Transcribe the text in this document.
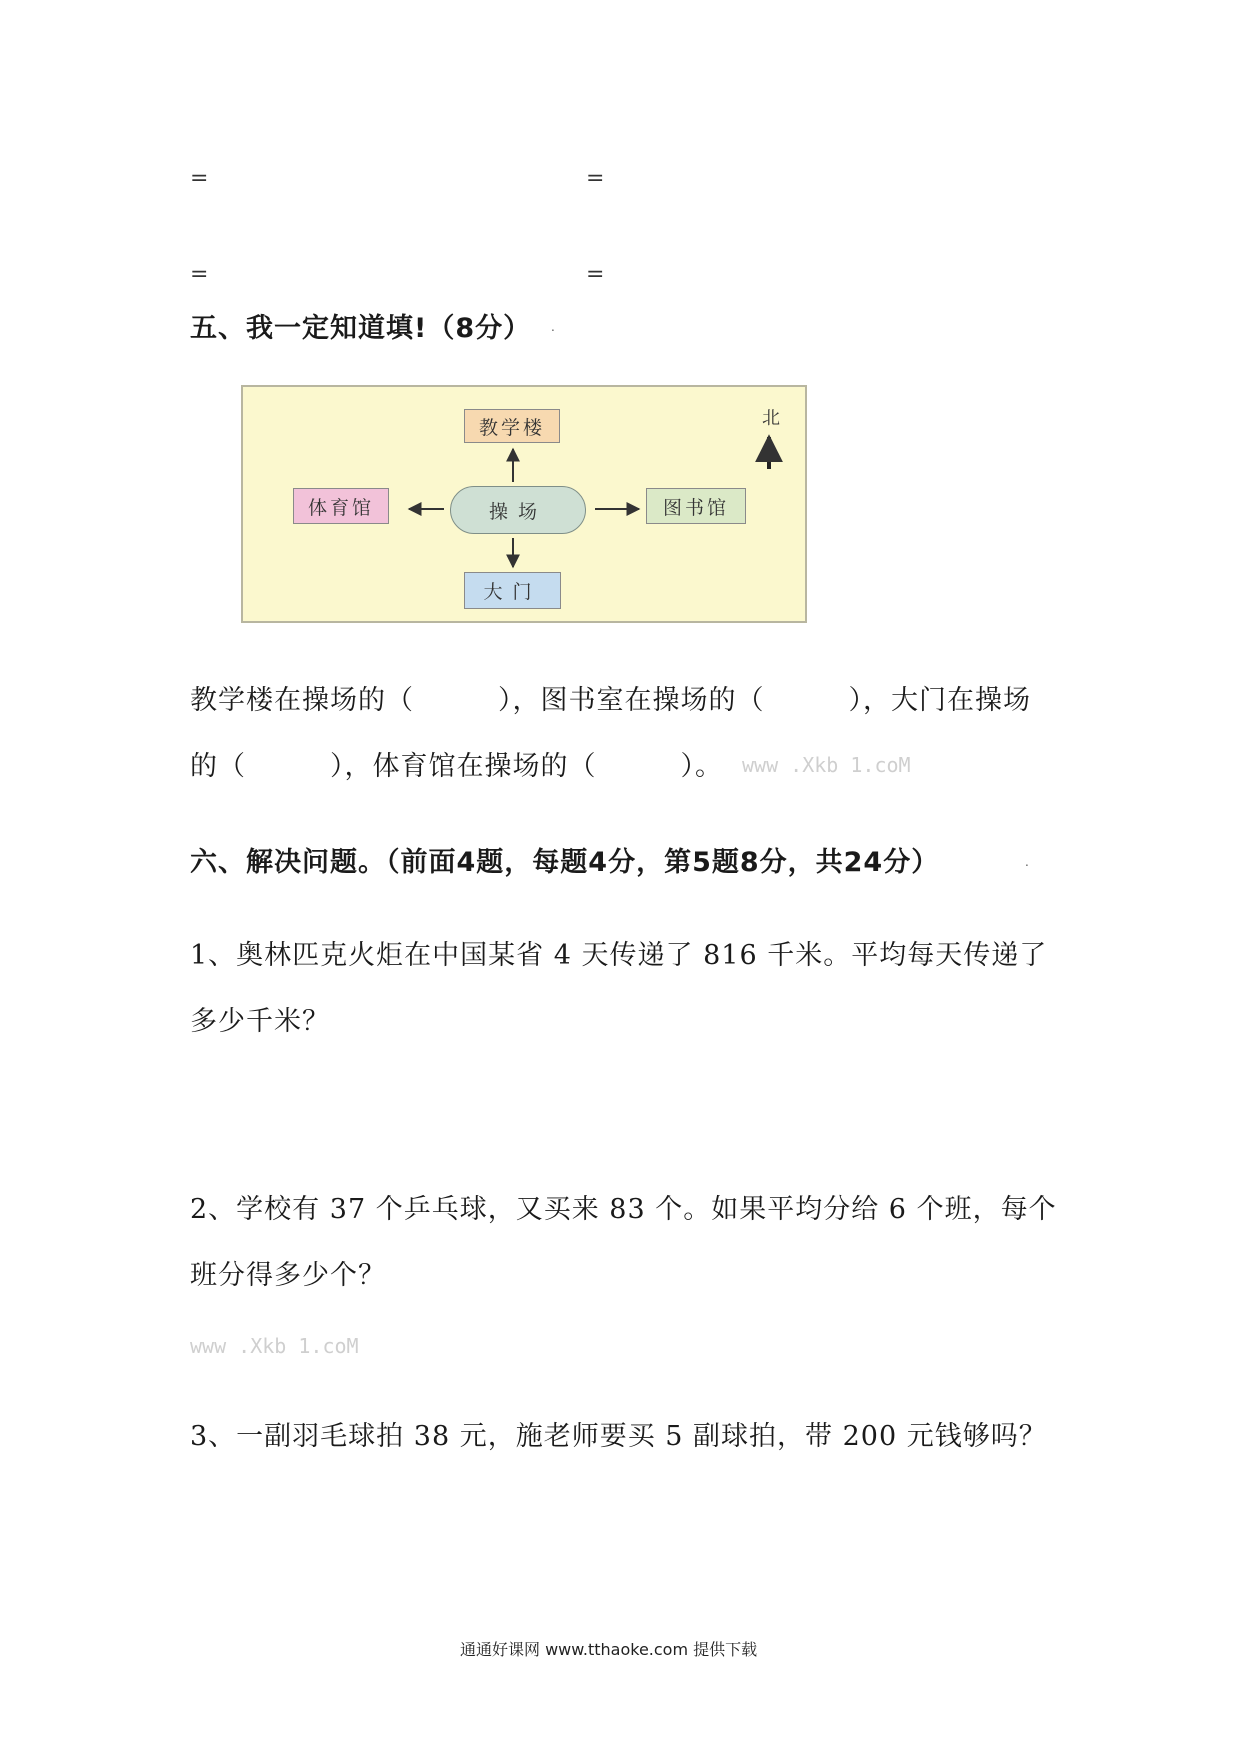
=	=
=	=
五、我一定知道填!（8分） .
教学楼
体育馆	操场	图书馆
大门
北
教学楼在操场的（　　　），图书室在操场的（　　　），大门在操场
的（　　　），体育馆在操场的（　　　）。 www .Xkb 1.coM
六、解决问题。（前面4题，每题4分，第5题8分，共24分）	.
1、奥林匹克火炬在中国某省 4 天传递了 816 千米。平均每天传递了
多少千米？
2、学校有 37 个乒乓球，又买来 83 个。如果平均分给 6 个班，每个
班分得多少个？
www .Xkb 1.coM
3、一副羽毛球拍 38 元，施老师要买 5 副球拍，带 200 元钱够吗？
通通好课网 www.tthaoke.com 提供下载
